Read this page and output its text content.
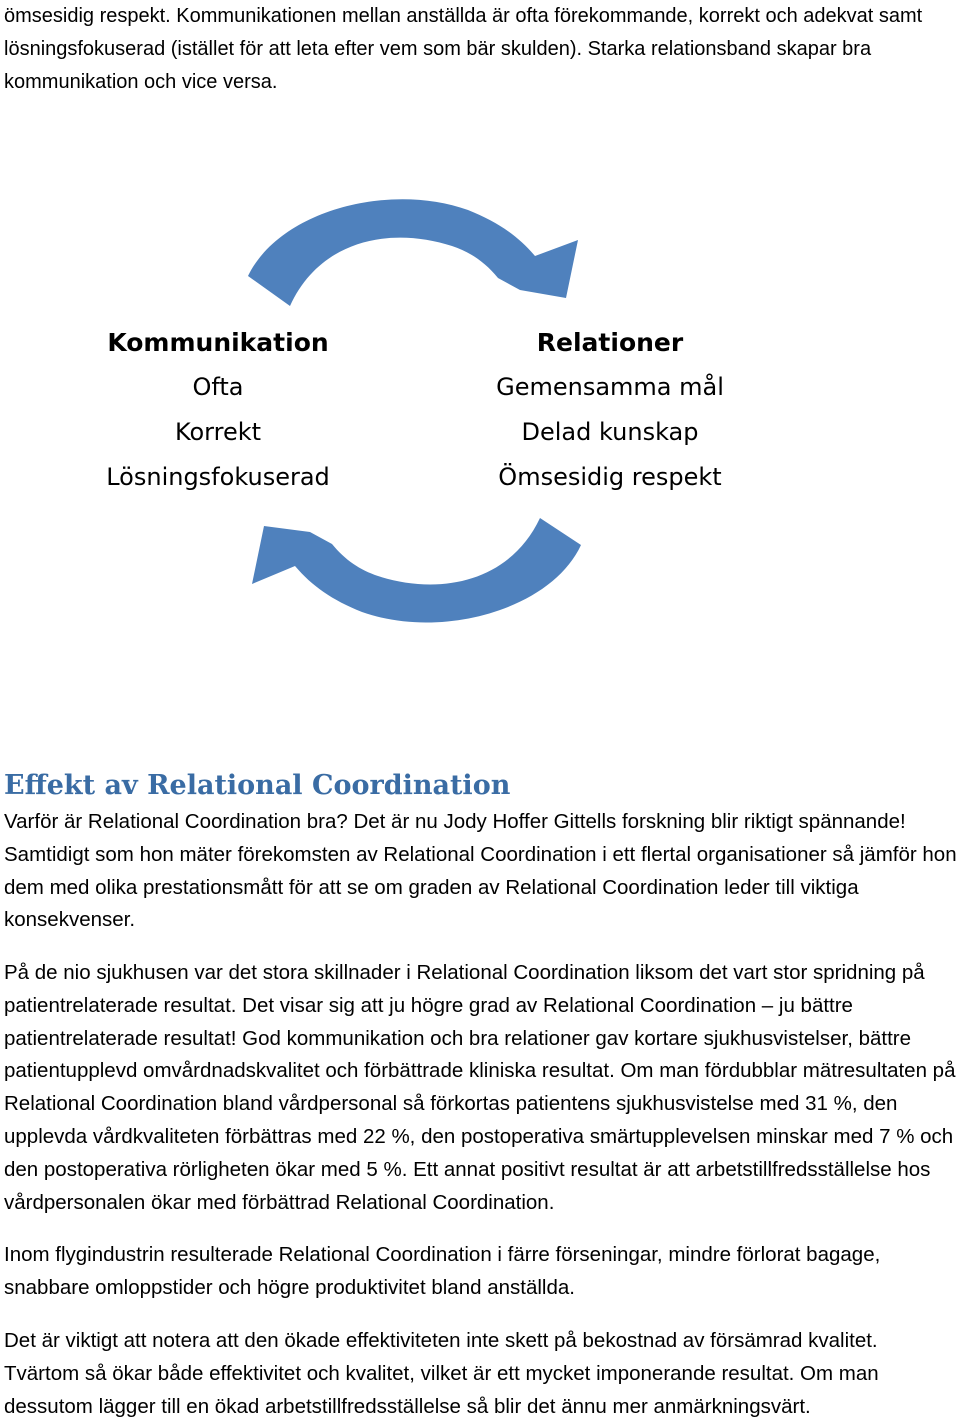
ömsesidig respekt. Kommunikationen mellan anställda är ofta förekommande, korrekt och adekvat samt lösningsfokuserad (istället för att leta efter vem som bär skulden). Starka relationsband skapar bra kommunikation och vice versa.

Kommunikation
Ofta
Korrekt
Lösningsfokuserad
Relationer
Gemensamma mål
Delad kunskap
Ömsesidig respekt
Effekt av Relational Coordination

Varför är Relational Coordination bra? Det är nu Jody Hoffer Gittells forskning blir riktigt spännande! Samtidigt som hon mäter förekomsten av Relational Coordination i ett flertal organisationer så jämför hon dem med olika prestationsmått för att se om graden av Relational Coordination leder till viktiga konsekvenser.

På de nio sjukhusen var det stora skillnader i Relational Coordination liksom det vart stor spridning på patientrelaterade resultat. Det visar sig att ju högre grad av Relational Coordination – ju bättre patientrelaterade resultat! God kommunikation och bra relationer gav kortare sjukhusvistelser, bättre patientupplevd omvårdnadskvalitet och förbättrade kliniska resultat. Om man fördubblar mätresultaten på Relational Coordination bland vårdpersonal så förkortas patientens sjukhusvistelse med 31 %, den upplevda vårdkvaliteten förbättras med 22 %, den postoperativa smärtupplevelsen minskar med 7 % och den postoperativa rörligheten ökar med 5 %. Ett annat positivt resultat är att arbetstillfredsställelse hos vårdpersonalen ökar med förbättrad Relational Coordination.

Inom flygindustrin resulterade Relational Coordination i färre förseningar, mindre förlorat bagage, snabbare omloppstider och högre produktivitet bland anställda.

Det är viktigt att notera att den ökade effektiviteten inte skett på bekostnad av försämrad kvalitet. Tvärtom så ökar både effektivitet och kvalitet, vilket är ett mycket imponerande resultat. Om man dessutom lägger till en ökad arbetstillfredsställelse så blir det ännu mer anmärkningsvärt.
